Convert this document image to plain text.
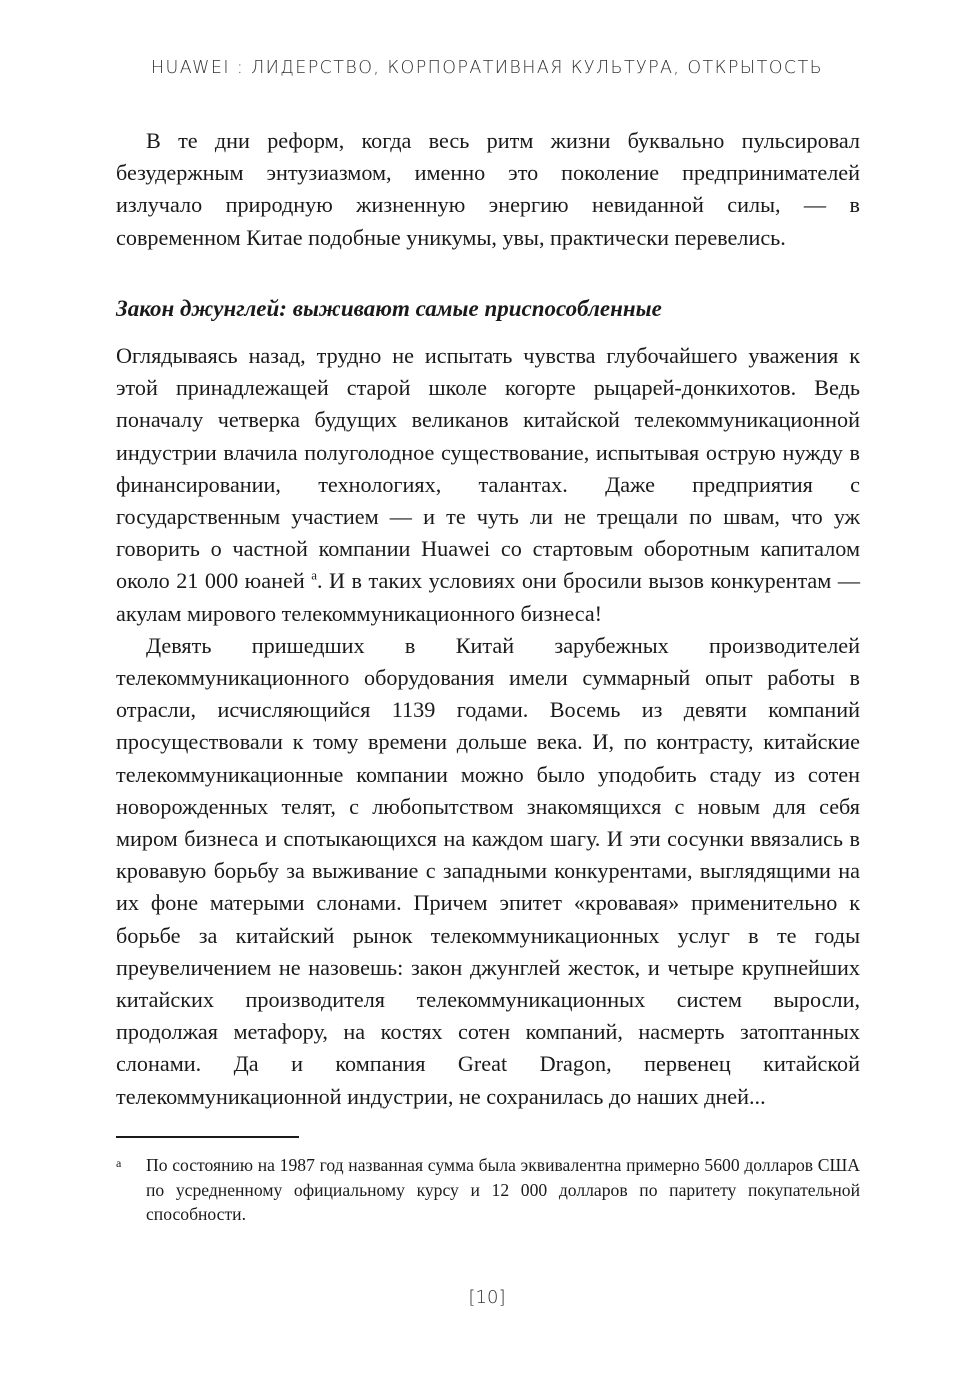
HUAWEI : ЛИДЕРСТВО, КОРПОРАТИВНАЯ КУЛЬТУРА, ОТКРЫТОСТЬ

В те дни реформ, когда весь ритм жизни буквально пульсировал безудержным энтузиазмом, именно это поколение предпринимателей излучало природную жизненную энергию невиданной силы, — в современном Китае подобные уникумы, увы, практически перевелись.

Закон джунглей: выживают самые приспособленные

Оглядываясь назад, трудно не испытать чувства глубочайшего уважения к этой принадлежащей старой школе когорте рыцарей-донкихотов. Ведь поначалу четверка будущих великанов китайской телекоммуникационной индустрии влачила полуголодное существование, испытывая острую нужду в финансировании, технологиях, талантах. Даже предприятия с государственным участием — и те чуть ли не трещали по швам, что уж говорить о частной компании Huawei со стартовым оборотным капиталом около 21 000 юаней $^a$. И в таких условиях они бросили вызов конкурентам — акулам мирового телекоммуникационного бизнеса!

Девять пришедших в Китай зарубежных производителей телекоммуникационного оборудования имели суммарный опыт работы в отрасли, исчисляющийся 1139 годами. Восемь из девяти компаний просуществовали к тому времени дольше века. И, по контрасту, китайские телекоммуникационные компании можно было уподобить стаду из сотен новорожденных телят, с любопытством знакомящихся с новым для себя миром бизнеса и спотыкающихся на каждом шагу. И эти сосунки ввязались в кровавую борьбу за выживание с западными конкурентами, выглядящими на их фоне матерыми слонами. Причем эпитет «кровавая» применительно к борьбе за китайский рынок телекоммуникационных услуг в те годы преувеличением не назовешь: закон джунглей жесток, и четыре крупнейших китайских производителя телекоммуникационных систем выросли, продолжая метафору, на костях сотен компаний, насмерть затоптанных слонами. Да и компания Great Dragon, первенец китайской телекоммуникационной индустрии, не сохранилась до наших дней...

a По состоянию на 1987 год названная сумма была эквивалентна примерно 5600 долларов США по усредненному официальному курсу и 12 000 долларов по паритету покупательной способности.
[10]
